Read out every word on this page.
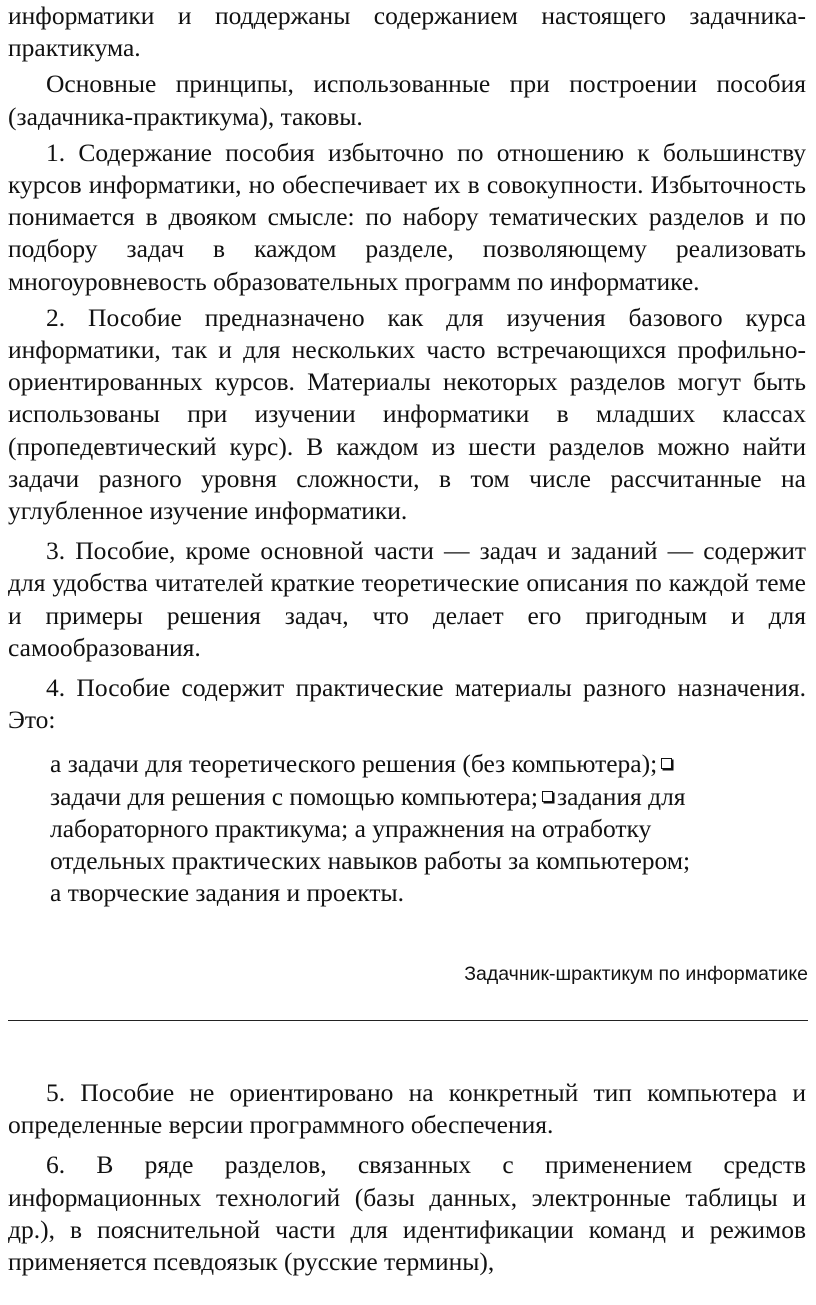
информатики и поддержаны содержанием настоящего задачника-практикума.

Основные принципы, использованные при построении пособия (задачника-практикума), таковы.

1. Содержание пособия избыточно по отношению к большинству курсов информатики, но обеспечивает их в совокупности. Избыточность понимается в двояком смысле: по набору тематических разделов и по подбору задач в каждом разделе, позволяющему реализовать многоуровневость образовательных программ по информатике.

2. Пособие предназначено как для изучения базового курса информатики, так и для нескольких часто встречающихся профильно-ориентированных курсов. Материалы некоторых разделов могут быть использованы при изучении информатики в младших классах (пропедевтический курс). В каждом из шести разделов можно найти задачи разного уровня сложности, в том числе рассчитанные на углубленное изучение информатики.

3. Пособие, кроме основной части — задач и заданий — содержит для удобства читателей краткие теоретические описания по каждой теме и примеры решения задач, что делает его пригодным и для самообразования.

4. Пособие содержит практические материалы разного назначения. Это:

а задачи для теоретического решения (без компьютера);

задачи для решения с помощью компьютера; задания для

лабораторного практикума; а упражнения на отработку

отдельных практических навыков работы за компьютером;

а творческие задания и проекты.

Задачник-шрактикум по информатике

5. Пособие не ориентировано на конкретный тип компьютера и определенные версии программного обеспечения.

6. В ряде разделов, связанных с применением средств информационных технологий (базы данных, электронные таблицы и др.), в пояснительной части для идентификации команд и режимов применяется псевдоязык (русские термины),
